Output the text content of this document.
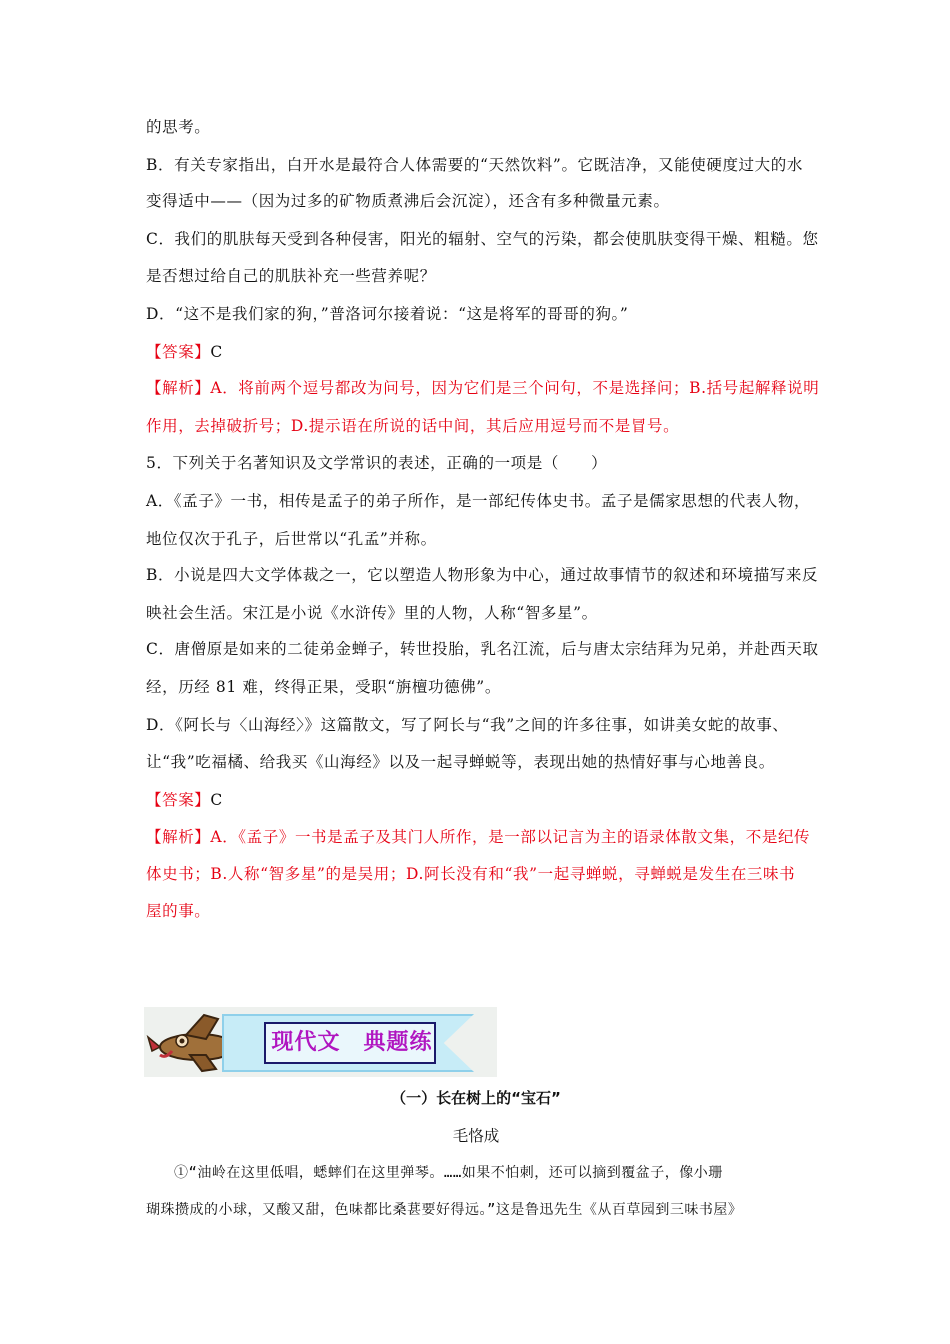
的思考。
B．有关专家指出，白开水是最符合人体需要的“天然饮料”。它既洁净，又能使硬度过大的水
变得适中——（因为过多的矿物质煮沸后会沉淀），还含有多种微量元素。
C．我们的肌肤每天受到各种侵害，阳光的辐射、空气的污染，都会使肌肤变得干燥、粗糙。您
是否想过给自己的肌肤补充一些营养呢？
D．“这不是我们家的狗，”普洛诃尔接着说：“这是将军的哥哥的狗。”
【答案】C
【解析】A．将前两个逗号都改为问号，因为它们是三个问句，不是选择问；B.括号起解释说明
作用，去掉破折号；D.提示语在所说的话中间，其后应用逗号而不是冒号。
5．下列关于名著知识及文学常识的表述，正确的一项是（　　）
A．《孟子》一书，相传是孟子的弟子所作，是一部纪传体史书。孟子是儒家思想的代表人物，
地位仅次于孔子，后世常以“孔孟”并称。
B．小说是四大文学体裁之一，它以塑造人物形象为中心，通过故事情节的叙述和环境描写来反
映社会生活。宋江是小说《水浒传》里的人物，人称“智多星”。
C．唐僧原是如来的二徒弟金蝉子，转世投胎，乳名江流，后与唐太宗结拜为兄弟，并赴西天取
经，历经 81 难，终得正果，受职“旃檀功德佛”。
D．《阿长与〈山海经〉》这篇散文，写了阿长与“我”之间的许多往事，如讲美女蛇的故事、
让“我”吃福橘、给我买《山海经》以及一起寻蝉蜕等，表现出她的热情好事与心地善良。
【答案】C
【解析】A．《孟子》一书是孟子及其门人所作，是一部以记言为主的语录体散文集，不是纪传
体史书；B.人称“智多星”的是吴用；D.阿长没有和“我”一起寻蝉蜕，寻蝉蜕是发生在三味书
屋的事。
现代文　典题练
（一）长在树上的“宝石”
毛恪成
①“油岭在这里低唱，蟋蟀们在这里弹琴。……如果不怕刺，还可以摘到覆盆子，像小珊
瑚珠攒成的小球，又酸又甜，色味都比桑葚要好得远。”这是鲁迅先生《从百草园到三味书屋》
